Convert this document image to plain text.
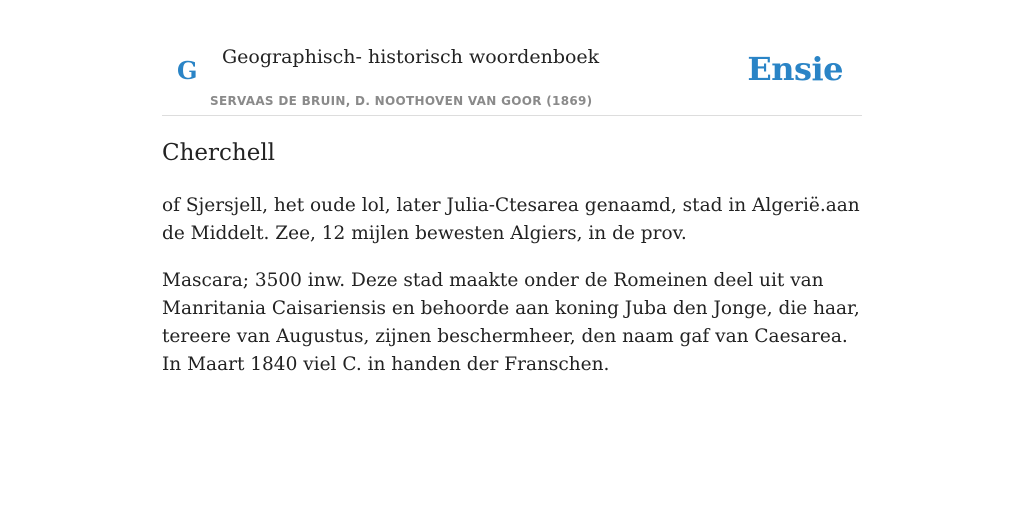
G Geographisch- historisch woordenboek
SERVAAS DE BRUIN, D. NOOTHOVEN VAN GOOR (1869)
Ensie
Cherchell

of Sjersjell, het oude lol, later Julia-Ctesarea genaamd, stad in Algerië.aan de Middelt. Zee, 12 mijlen bewesten Algiers, in de prov.

Mascara; 3500 inw. Deze stad maakte onder de Romeinen deel uit van Manritania Caisariensis en behoorde aan koning Juba den Jonge, die haar, tereere van Augustus, zijnen beschermheer, den naam gaf van Caesarea. In Maart 1840 viel C. in handen der Franschen.
